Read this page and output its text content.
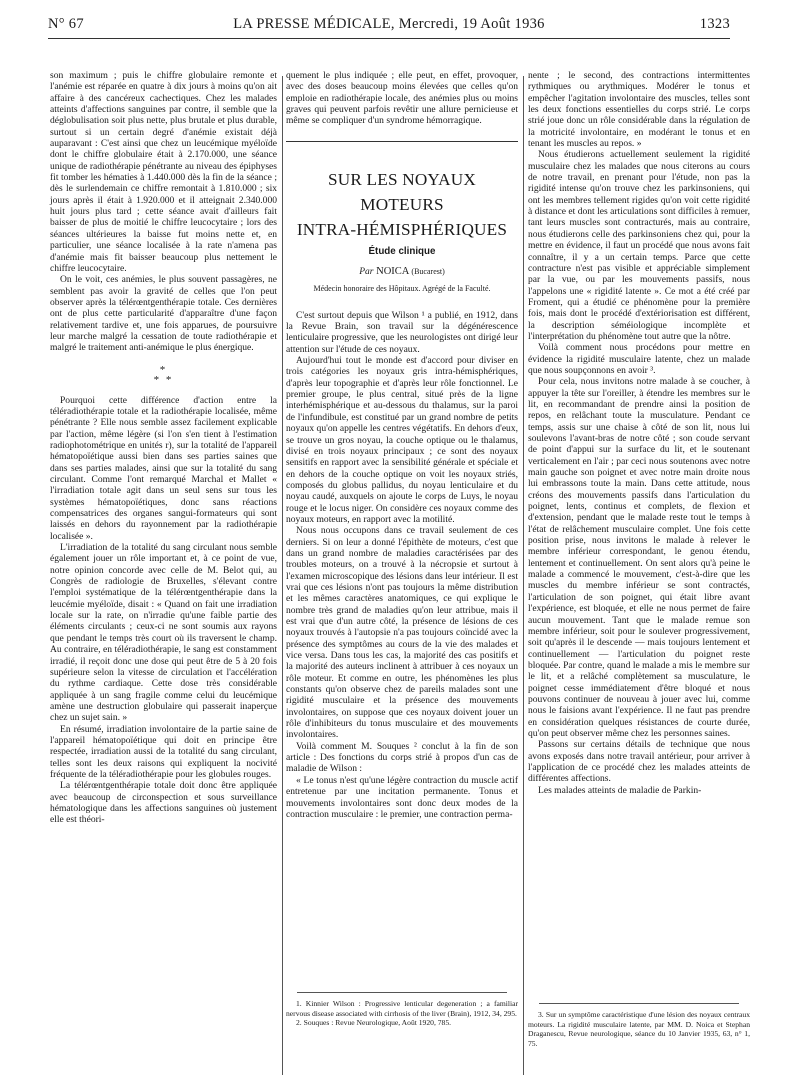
N° 67	LA PRESSE MÉDICALE, Mercredi, 19 Août 1936	1323

son maximum ; puis le chiffre globulaire remonte et l'anémie est réparée en quatre à dix jours à moins qu'on ait affaire à des cancéreux cachectiques. Chez les malades atteints d'affections sanguines par contre, il semble que la déglobulisation soit plus nette, plus brutale et plus durable, surtout si un certain degré d'anémie existait déjà auparavant : C'est ainsi que chez un leucémique myéloïde dont le chiffre globulaire était à 2.170.000, une séance unique de radiothérapie pénétrante au niveau des épiphyses fit tomber les hématies à 1.440.000 dès la fin de la séance ; dès le surlendemain ce chiffre remontait à 1.810.000 ; six jours après il était à 1.920.000 et il atteignait 2.340.000 huit jours plus tard ; cette séance avait d'ailleurs fait baisser de plus de moitié le chiffre leucocytaire ; lors des séances ultérieures la baisse fut moins nette et, en particulier, une séance localisée à la rate n'amena pas d'anémie mais fit baisser beaucoup plus nettement le chiffre leucocytaire.

On le voit, ces anémies, le plus souvent passagères, ne semblent pas avoir la gravité de celles que l'on peut observer après la télérœntgenthérapie totale. Ces dernières ont de plus cette particularité d'apparaître d'une façon relativement tardive et, une fois apparues, de poursuivre leur marche malgré la cessation de toute radiothérapie et malgré le traitement anti-anémique le plus énergique.

*
* *

Pourquoi cette différence d'action entre la téléradiothérapie totale et la radiothérapie localisée, même pénétrante ? Elle nous semble assez facilement explicable par l'action, même légère (si l'on s'en tient à l'estimation radiophotométrique en unités r), sur la totalité de l'appareil hématopoïétique aussi bien dans ses parties saines que dans ses parties malades, ainsi que sur la totalité du sang circulant. Comme l'ont remarqué Marchal et Mallet « l'irradiation totale agit dans un seul sens sur tous les systèmes hématopoïétiques, donc sans réactions compensatrices des organes sangui-formateurs qui sont laissés en dehors du rayonnement par la radiothérapie localisée ».

L'irradiation de la totalité du sang circulant nous semble également jouer un rôle important et, à ce point de vue, notre opinion concorde avec celle de M. Belot qui, au Congrès de radiologie de Bruxelles, s'élevant contre l'emploi systématique de la télérœntgenthérapie dans la leucémie myéloïde, disait : « Quand on fait une irradiation locale sur la rate, on n'irradie qu'une faible partie des éléments circulants ; ceux-ci ne sont soumis aux rayons que pendant le temps très court où ils traversent le champ. Au contraire, en téléradiothérapie, le sang est constamment irradié, il reçoit donc une dose qui peut être de 5 à 20 fois supérieure selon la vitesse de circulation et l'accélération du rythme cardiaque. Cette dose très considérable appliquée à un sang fragile comme celui du leucémique amène une destruction globulaire qui passerait inaperçue chez un sujet sain. »

En résumé, irradiation involontaire de la partie saine de l'appareil hématopoïétique qui doit en principe être respectée, irradiation aussi de la totalité du sang circulant, telles sont les deux raisons qui expliquent la nocivité fréquente de la téléradiothérapie pour les globules rouges.

La télérœntgenthérapie totale doit donc être appliquée avec beaucoup de circonspection et sous surveillance hématologique dans les affections sanguines où justement elle est théori-

quement le plus indiquée ; elle peut, en effet, provoquer, avec des doses beaucoup moins élevées que celles qu'on emploie en radiothérapie locale, des anémies plus ou moins graves qui peuvent parfois revêtir une allure pernicieuse et même se compliquer d'un syndrome hémorragique.

SUR LES NOYAUX MOTEURS
INTRA-HÉMISPHÉRIQUES
Étude clinique
Par NOICA (Bucarest)
Médecin honoraire des Hôpitaux. Agrégé de la Faculté.

C'est surtout depuis que Wilson ¹ a publié, en 1912, dans la Revue Brain, son travail sur la dégénérescence lenticulaire progressive, que les neurologistes ont dirigé leur attention sur l'étude de ces noyaux.

Aujourd'hui tout le monde est d'accord pour diviser en trois catégories les noyaux gris intra-hémisphériques, d'après leur topographie et d'après leur rôle fonctionnel. Le premier groupe, le plus central, situé près de la ligne interhémisphérique et au-dessous du thalamus, sur la paroi de l'infundibule, est constitué par un grand nombre de petits noyaux qu'on appelle les centres végétatifs. En dehors d'eux, se trouve un gros noyau, la couche optique ou le thalamus, divisé en trois noyaux principaux ; ce sont des noyaux sensitifs en rapport avec la sensibilité générale et spéciale et en dehors de la couche optique on voit les noyaux striés, composés du globus pallidus, du noyau lenticulaire et du noyau caudé, auxquels on ajoute le corps de Luys, le noyau rouge et le locus niger. On considère ces noyaux comme des noyaux moteurs, en rapport avec la motilité.

Nous nous occupons dans ce travail seulement de ces derniers. Si on leur a donné l'épithète de moteurs, c'est que dans un grand nombre de maladies caractérisées par des troubles moteurs, on a trouvé à la nécropsie et surtout à l'examen microscopique des lésions dans leur intérieur. Il est vrai que ces lésions n'ont pas toujours la même distribution et les mêmes caractères anatomiques, ce qui explique le nombre très grand de maladies qu'on leur attribue, mais il est vrai que d'un autre côté, la présence de lésions de ces noyaux trouvés à l'autopsie n'a pas toujours coïncidé avec la présence des symptômes au cours de la vie des malades et vice versa. Dans tous les cas, la majorité des cas positifs et la majorité des auteurs inclinent à attribuer à ces noyaux un rôle moteur. Et comme en outre, les phénomènes les plus constants qu'on observe chez de pareils malades sont une rigidité musculaire et la présence des mouvements involontaires, on suppose que ces noyaux doivent jouer un rôle d'inhibiteurs du tonus musculaire et des mouvements involontaires.

Voilà comment M. Souques ² conclut à la fin de son article : Des fonctions du corps strié à propos d'un cas de maladie de Wilson :

« Le tonus n'est qu'une légère contraction du muscle actif entretenue par une incitation permanente. Tonus et mouvements involontaires sont donc deux modes de la contraction musculaire : le premier, une contraction perma-

1. Kinnier Wilson : Progressive lenticular degeneration ; a familiar nervous disease associated with cirrhosis of the liver (Brain), 1912, 34, 295.

2. Souques : Revue Neurologique, Août 1920, 785.

nente ; le second, des contractions intermittentes rythmiques ou arythmiques. Modérer le tonus et empêcher l'agitation involontaire des muscles, telles sont les deux fonctions essentielles du corps strié. Le corps strié joue donc un rôle considérable dans la régulation de la motricité involontaire, en modérant le tonus et en tenant les muscles au repos. »

Nous étudierons actuellement seulement la rigidité musculaire chez les malades que nous citerons au cours de notre travail, en prenant pour l'étude, non pas la rigidité intense qu'on trouve chez les parkinsoniens, qui ont les membres tellement rigides qu'on voit cette rigidité à distance et dont les articulations sont difficiles à remuer, tant leurs muscles sont contracturés, mais au contraire, nous étudierons celle des parkinsoniens chez qui, pour la mettre en évidence, il faut un procédé que nous avons fait connaître, il y a un certain temps. Parce que cette contracture n'est pas visible et appréciable simplement par la vue, ou par les mouvements passifs, nous l'appelons une « rigidité latente ». Ce mot a été créé par Froment, qui a étudié ce phénomène pour la première fois, mais dont le procédé d'extériorisation est différent, la description séméiologique incomplète et l'interprétation du phénomène tout autre que la nôtre.

Voilà comment nous procédons pour mettre en évidence la rigidité musculaire latente, chez un malade que nous soupçonnons en avoir ³.

Pour cela, nous invitons notre malade à se coucher, à appuyer la tête sur l'oreiller, à étendre les membres sur le lit, en recommandant de prendre ainsi la position de repos, en relâchant toute la musculature. Pendant ce temps, assis sur une chaise à côté de son lit, nous lui soulevons l'avant-bras de notre côté ; son coude servant de point d'appui sur la surface du lit, et le soutenant verticalement en l'air ; par ceci nous soutenons avec notre main gauche son poignet et avec notre main droite nous lui embrassons toute la main. Dans cette attitude, nous créons des mouvements passifs dans l'articulation du poignet, lents, continus et complets, de flexion et d'extension, pendant que le malade reste tout le temps à l'état de relâchement musculaire complet. Une fois cette position prise, nous invitons le malade à relever le membre inférieur correspondant, le genou étendu, lentement et continuellement. On sent alors qu'à peine le malade a commencé le mouvement, c'est-à-dire que les muscles du membre inférieur se sont contractés, l'articulation de son poignet, qui était libre avant l'expérience, est bloquée, et elle ne nous permet de faire aucun mouvement. Tant que le malade remue son membre inférieur, soit pour le soulever progressivement, soit qu'après il le descende — mais toujours lentement et continuellement — l'articulation du poignet reste bloquée. Par contre, quand le malade a mis le membre sur le lit, et a relâché complètement sa musculature, le poignet cesse immédiatement d'être bloqué et nous pouvons continuer de nouveau à jouer avec lui, comme nous le faisions avant l'expérience. Il ne faut pas prendre en considération quelques résistances de courte durée, qu'on peut observer même chez les personnes saines.

Passons sur certains détails de technique que nous avons exposés dans notre travail antérieur, pour arriver à l'application de ce procédé chez les malades atteints de différentes affections.

Les malades atteints de maladie de Parkin-

3. Sur un symptôme caractéristique d'une lésion des noyaux centraux moteurs. La rigidité musculaire latente, par MM. D. Noica et Stephan Draganescu, Revue neurologique, séance du 10 Janvier 1935, 63, n° 1, 75.
